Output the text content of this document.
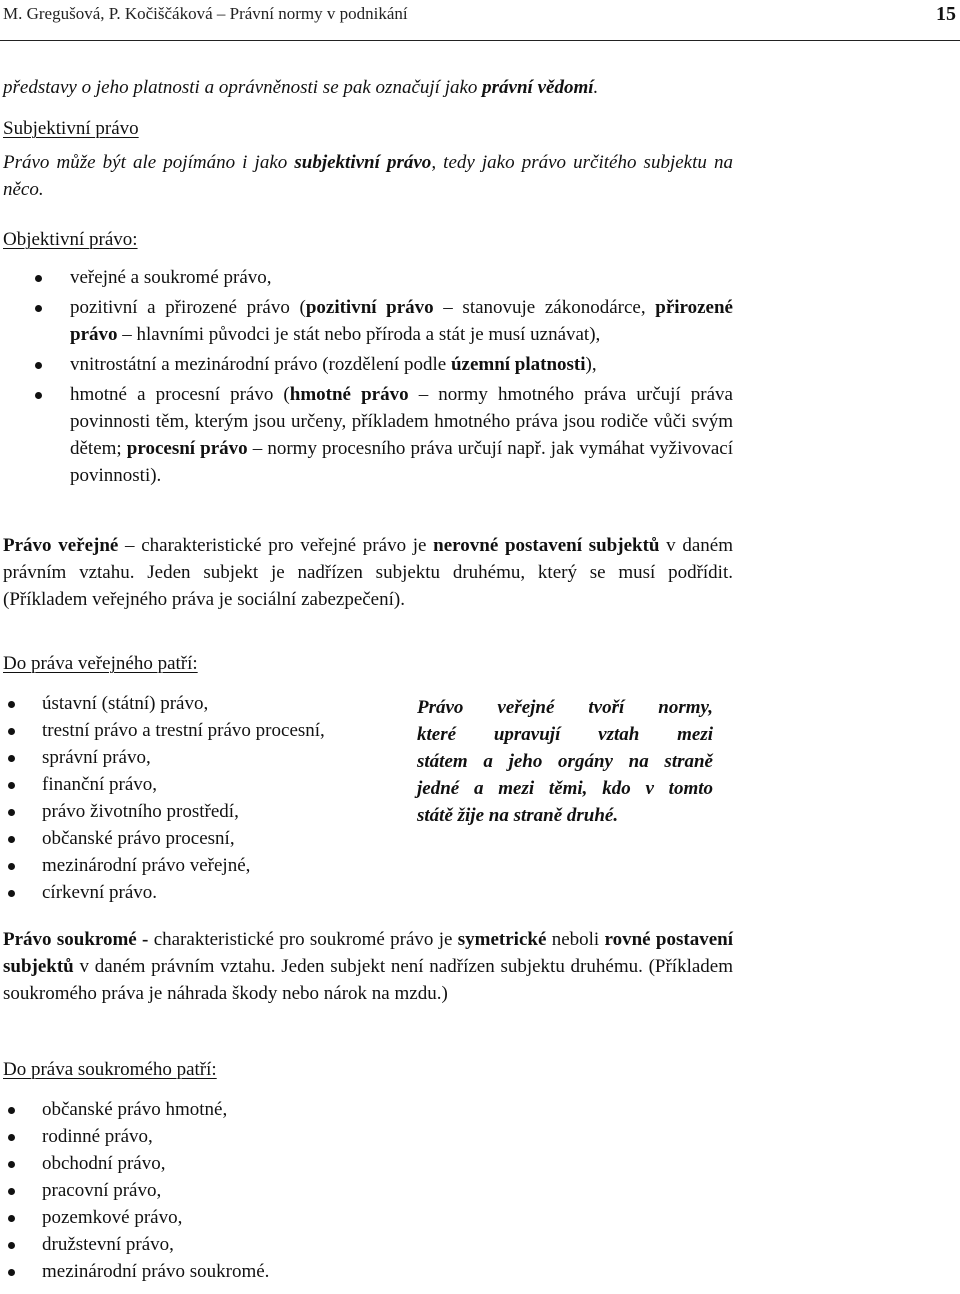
M. Gregušová, P. Kočiščáková – Právní normy v podnikání	15
představy o jeho platnosti a oprávněnosti se pak označují jako právní vědomí.
Subjektivní právo
Právo může být ale pojímáno i jako subjektivní právo, tedy jako právo určitého subjektu na něco.
Objektivní právo:
veřejné a soukromé právo,
pozitivní a přirozené právo (pozitivní právo – stanovuje zákonodárce, přirozené právo – hlavními původci je stát nebo příroda a stát je musí uznávat),
vnitrostátní a mezinárodní právo (rozdělení podle územní platnosti),
hmotné a procesní právo (hmotné právo – normy hmotného práva určují práva povinnosti těm, kterým jsou určeny, příkladem hmotného práva jsou rodiče vůči svým dětem; procesní právo – normy procesního práva určují např. jak vymáhat vyživovací povinnosti).
Právo veřejné – charakteristické pro veřejné právo je nerovné postavení subjektů v daném právním vztahu. Jeden subjekt je nadřízen subjektu druhému, který se musí podřídit. (Příkladem veřejného práva je sociální zabezpečení).
Do práva veřejného patří:
ústavní (státní) právo,
trestní právo a trestní právo procesní,
správní právo,
finanční právo,
právo životního prostředí,
občanské právo procesní,
mezinárodní právo veřejné,
církevní právo.
Právo veřejné tvoří normy,
které upravují vztah mezi
státem a jeho orgány na straně
jedné a mezi těmi, kdo v tomto
státě žije na straně druhé.
Právo soukromé - charakteristické pro soukromé právo je symetrické neboli rovné postavení subjektů v daném právním vztahu. Jeden subjekt není nadřízen subjektu druhému. (Příkladem soukromého práva je náhrada škody nebo nárok na mzdu.)
Do práva soukromého patří:
občanské právo hmotné,
rodinné právo,
obchodní právo,
pracovní právo,
pozemkové právo,
družstevní právo,
mezinárodní právo soukromé.
